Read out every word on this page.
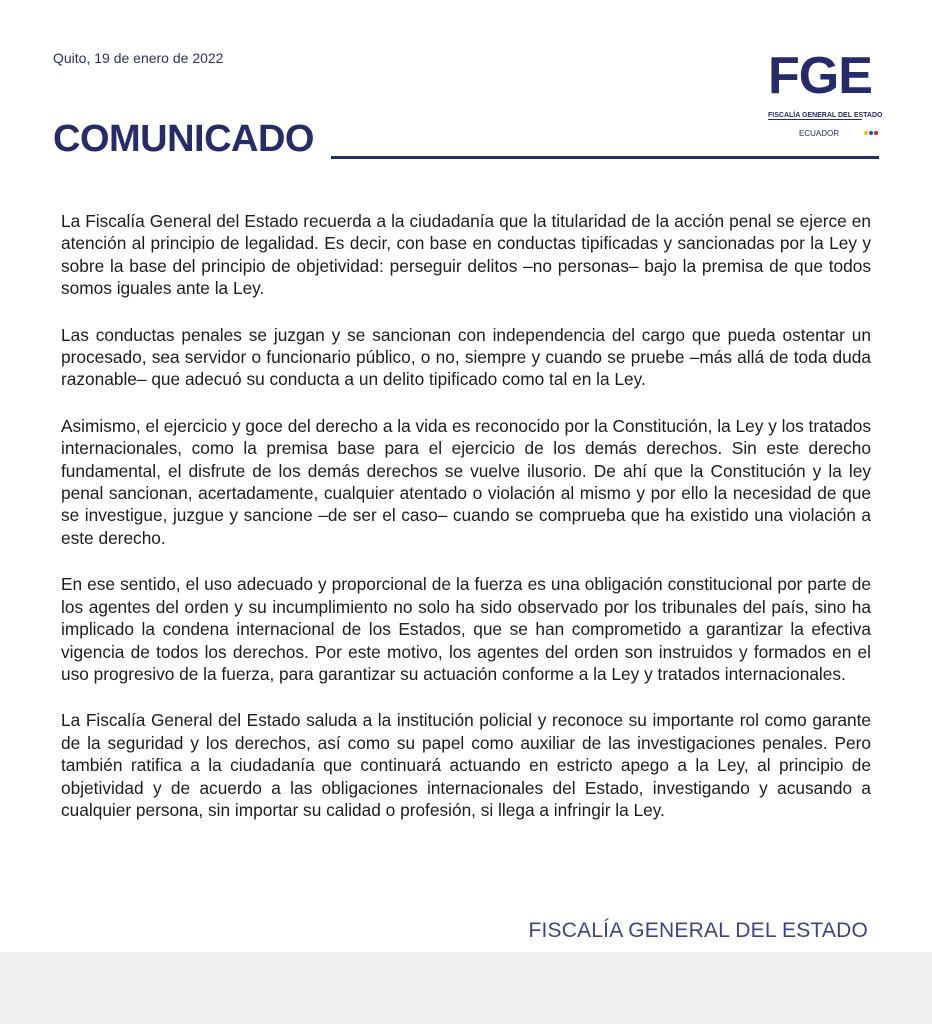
Quito, 19 de enero de 2022	FGE
FISCALÍA GENERAL DEL ESTADO
ECUADOR
COMUNICADO

La Fiscalía General del Estado recuerda a la ciudadanía que la titularidad de la acción penal se ejerce en atención al principio de legalidad. Es decir, con base en conductas tipificadas y sancionadas por la Ley y sobre la base del principio de objetividad: perseguir delitos –no personas– bajo la premisa de que todos somos iguales ante la Ley.

Las conductas penales se juzgan y se sancionan con independencia del cargo que pueda ostentar un procesado, sea servidor o funcionario público, o no, siempre y cuando se pruebe –más allá de toda duda razonable– que adecuó su conducta a un delito tipificado como tal en la Ley.

Asimismo, el ejercicio y goce del derecho a la vida es reconocido por la Constitución, la Ley y los tratados internacionales, como la premisa base para el ejercicio de los demás derechos. Sin este derecho fundamental, el disfrute de los demás derechos se vuelve ilusorio. De ahí que la Constitución y la ley penal sancionan, acertadamente, cualquier atentado o violación al mismo y por ello la necesidad de que se investigue, juzgue y sancione –de ser el caso– cuando se comprueba que ha existido una violación a este derecho.

En ese sentido, el uso adecuado y proporcional de la fuerza es una obligación constitucional por parte de los agentes del orden y su incumplimiento no solo ha sido observado por los tribunales del país, sino ha implicado la condena internacional de los Estados, que se han comprometido a garantizar la efectiva vigencia de todos los derechos. Por este motivo, los agentes del orden son instruidos y formados en el uso progresivo de la fuerza, para garantizar su actuación conforme a la Ley y tratados internacionales.

La Fiscalía General del Estado saluda a la institución policial y reconoce su importante rol como garante de la seguridad y los derechos, así como su papel como auxiliar de las investigaciones penales. Pero también ratifica a la ciudadanía que continuará actuando en estricto apego a la Ley, al principio de objetividad y de acuerdo a las obligaciones internacionales del Estado, investigando y acusando a cualquier persona, sin importar su calidad o profesión, si llega a infringir la Ley.

FISCALÍA GENERAL DEL ESTADO
